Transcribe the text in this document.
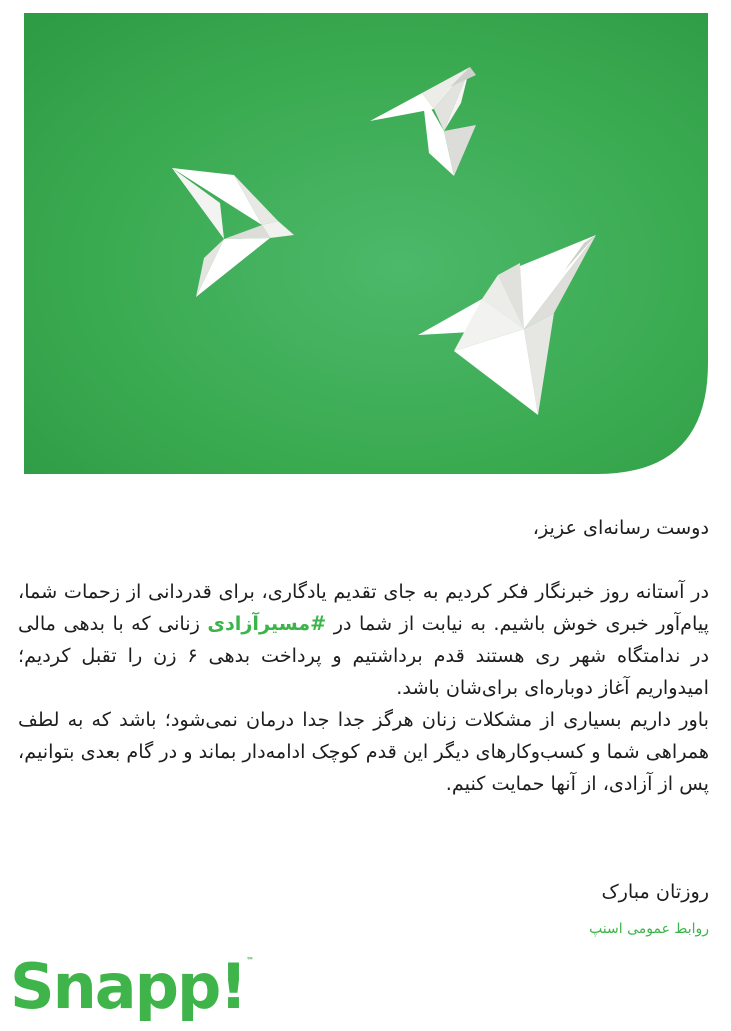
دوست رسانه‌ای عزیز،

در آستانه روز خبرنگار فکر کردیم به جای تقدیم یادگاری، برای قدردانی از زحمات شما، پیام‌آور خبری خوش باشیم. به نیابت از شما در #مسیرآزادی زنانی که با بدهی مالی در ندامتگاه شهر ری هستند قدم برداشتیم و پرداخت بدهی ۶ زن را تقبل کردیم؛ امیدواریم آغاز دوباره‌ای برای‌شان باشد.

باور داریم بسیاری از مشکلات زنان هرگز جدا جدا درمان نمی‌شود؛ باشد که به لطف همراهی شما و کسب‌وکارهای دیگر این قدم کوچک ادامه‌دار بماند و در گام بعدی بتوانیم، پس از آزادی، از آنها حمایت کنیم.

روزتان مبارک
روابط عمومی اسنپ
Snapp! ™
